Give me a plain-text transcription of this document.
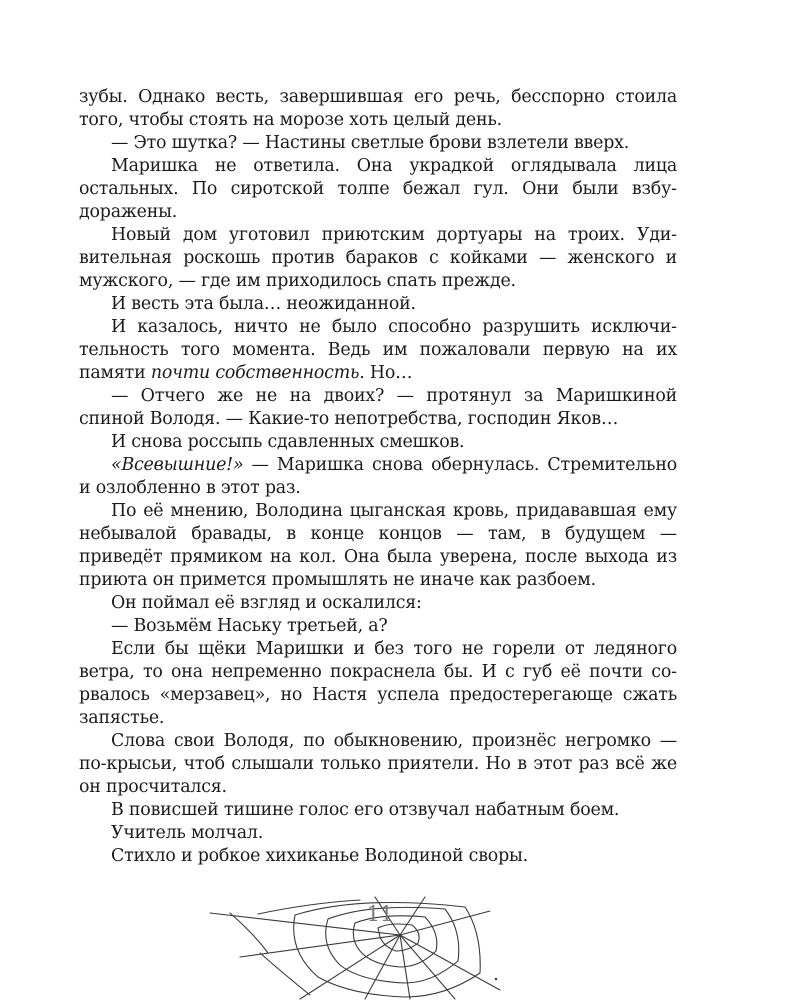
зубы. Однако весть, завершившая его речь, бесспорно стоила того, чтобы стоять на морозе хоть целый день.

— Это шутка? — Настины светлые брови взлетели вверх.

Маришка не ответила. Она украдкой оглядывала лица остальных. По сиротской толпе бежал гул. Они были взбудоражены.

Новый дом уготовил приютским дортуары на троих. Удивительная роскошь против бараков с койками — женского и мужского, — где им приходилось спать прежде.

И весть эта была… неожиданной.

И казалось, ничто не было способно разрушить исключительность того момента. Ведь им пожаловали первую на их памяти почти собственность. Но…

— Отчего же не на двоих? — протянул за Маришкиной спиной Володя. — Какие-то непотребства, господин Яков…

И снова россыпь сдавленных смешков.

«Всевышние!» — Маришка снова обернулась. Стремительно и озлобленно в этот раз.

По её мнению, Володина цыганская кровь, придававшая ему небывалой бравады, в конце концов — там, в будущем — приведёт прямиком на кол. Она была уверена, после выхода из приюта он примется промышлять не иначе как разбоем.

Он поймал её взгляд и оскалился:

— Возьмём Наську третьей, а?

Если бы щёки Маришки и без того не горели от ледяного ветра, то она непременно покраснела бы. И с губ её почти сорвалось «мерзавец», но Настя успела предостерегающе сжать запястье.

Слова свои Володя, по обыкновению, произнёс негромко — по-крысьи, чтоб слышали только приятели. Но в этот раз всё же он просчитался.

В повисшей тишине голос его отзвучал набатным боем.

Учитель молчал.

Стихло и робкое хихиканье Володиной своры.

11
